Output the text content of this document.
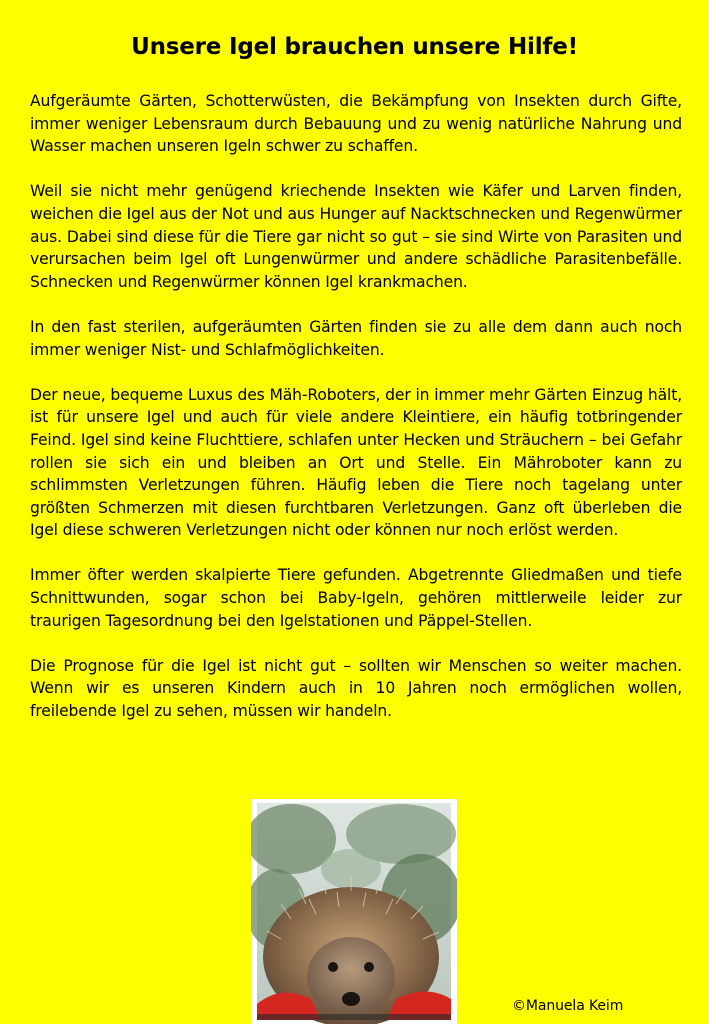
Unsere Igel brauchen unsere Hilfe!

Aufgeräumte Gärten, Schotterwüsten, die Bekämpfung von Insekten durch Gifte, immer weniger Lebensraum durch Bebauung und zu wenig natürliche Nahrung und Wasser machen unseren Igeln schwer zu schaffen.

Weil sie nicht mehr genügend kriechende Insekten wie Käfer und Larven finden, weichen die Igel aus der Not und aus Hunger auf Nacktschnecken und Regenwürmer aus. Dabei sind diese für die Tiere gar nicht so gut – sie sind Wirte von Parasiten und verursachen beim Igel oft Lungenwürmer und andere schädliche Parasitenbefälle. Schnecken und Regenwürmer können Igel krankmachen.

In den fast sterilen, aufgeräumten Gärten finden sie zu alle dem dann auch noch immer weniger Nist- und Schlafmöglichkeiten.

Der neue, bequeme Luxus des Mäh-Roboters, der in immer mehr Gärten Einzug hält, ist für unsere Igel und auch für viele andere Kleintiere, ein häufig totbringender Feind. Igel sind keine Fluchttiere, schlafen unter Hecken und Sträuchern – bei Gefahr rollen sie sich ein und bleiben an Ort und Stelle. Ein Mähroboter kann zu schlimmsten Verletzungen führen. Häufig leben die Tiere noch tagelang unter größten Schmerzen mit diesen furchtbaren Verletzungen. Ganz oft überleben die Igel diese schweren Verletzungen nicht oder können nur noch erlöst werden.

Immer öfter werden skalpierte Tiere gefunden. Abgetrennte Gliedmaßen und tiefe Schnittwunden, sogar schon bei Baby-Igeln, gehören mittlerweile leider zur traurigen Tagesordnung bei den Igelstationen und Päppel-Stellen.

Die Prognose für die Igel ist nicht gut – sollten wir Menschen so weiter machen. Wenn wir es unseren Kindern auch in 10 Jahren noch ermöglichen wollen, freilebende Igel zu sehen, müssen wir handeln.

©Manuela Keim
